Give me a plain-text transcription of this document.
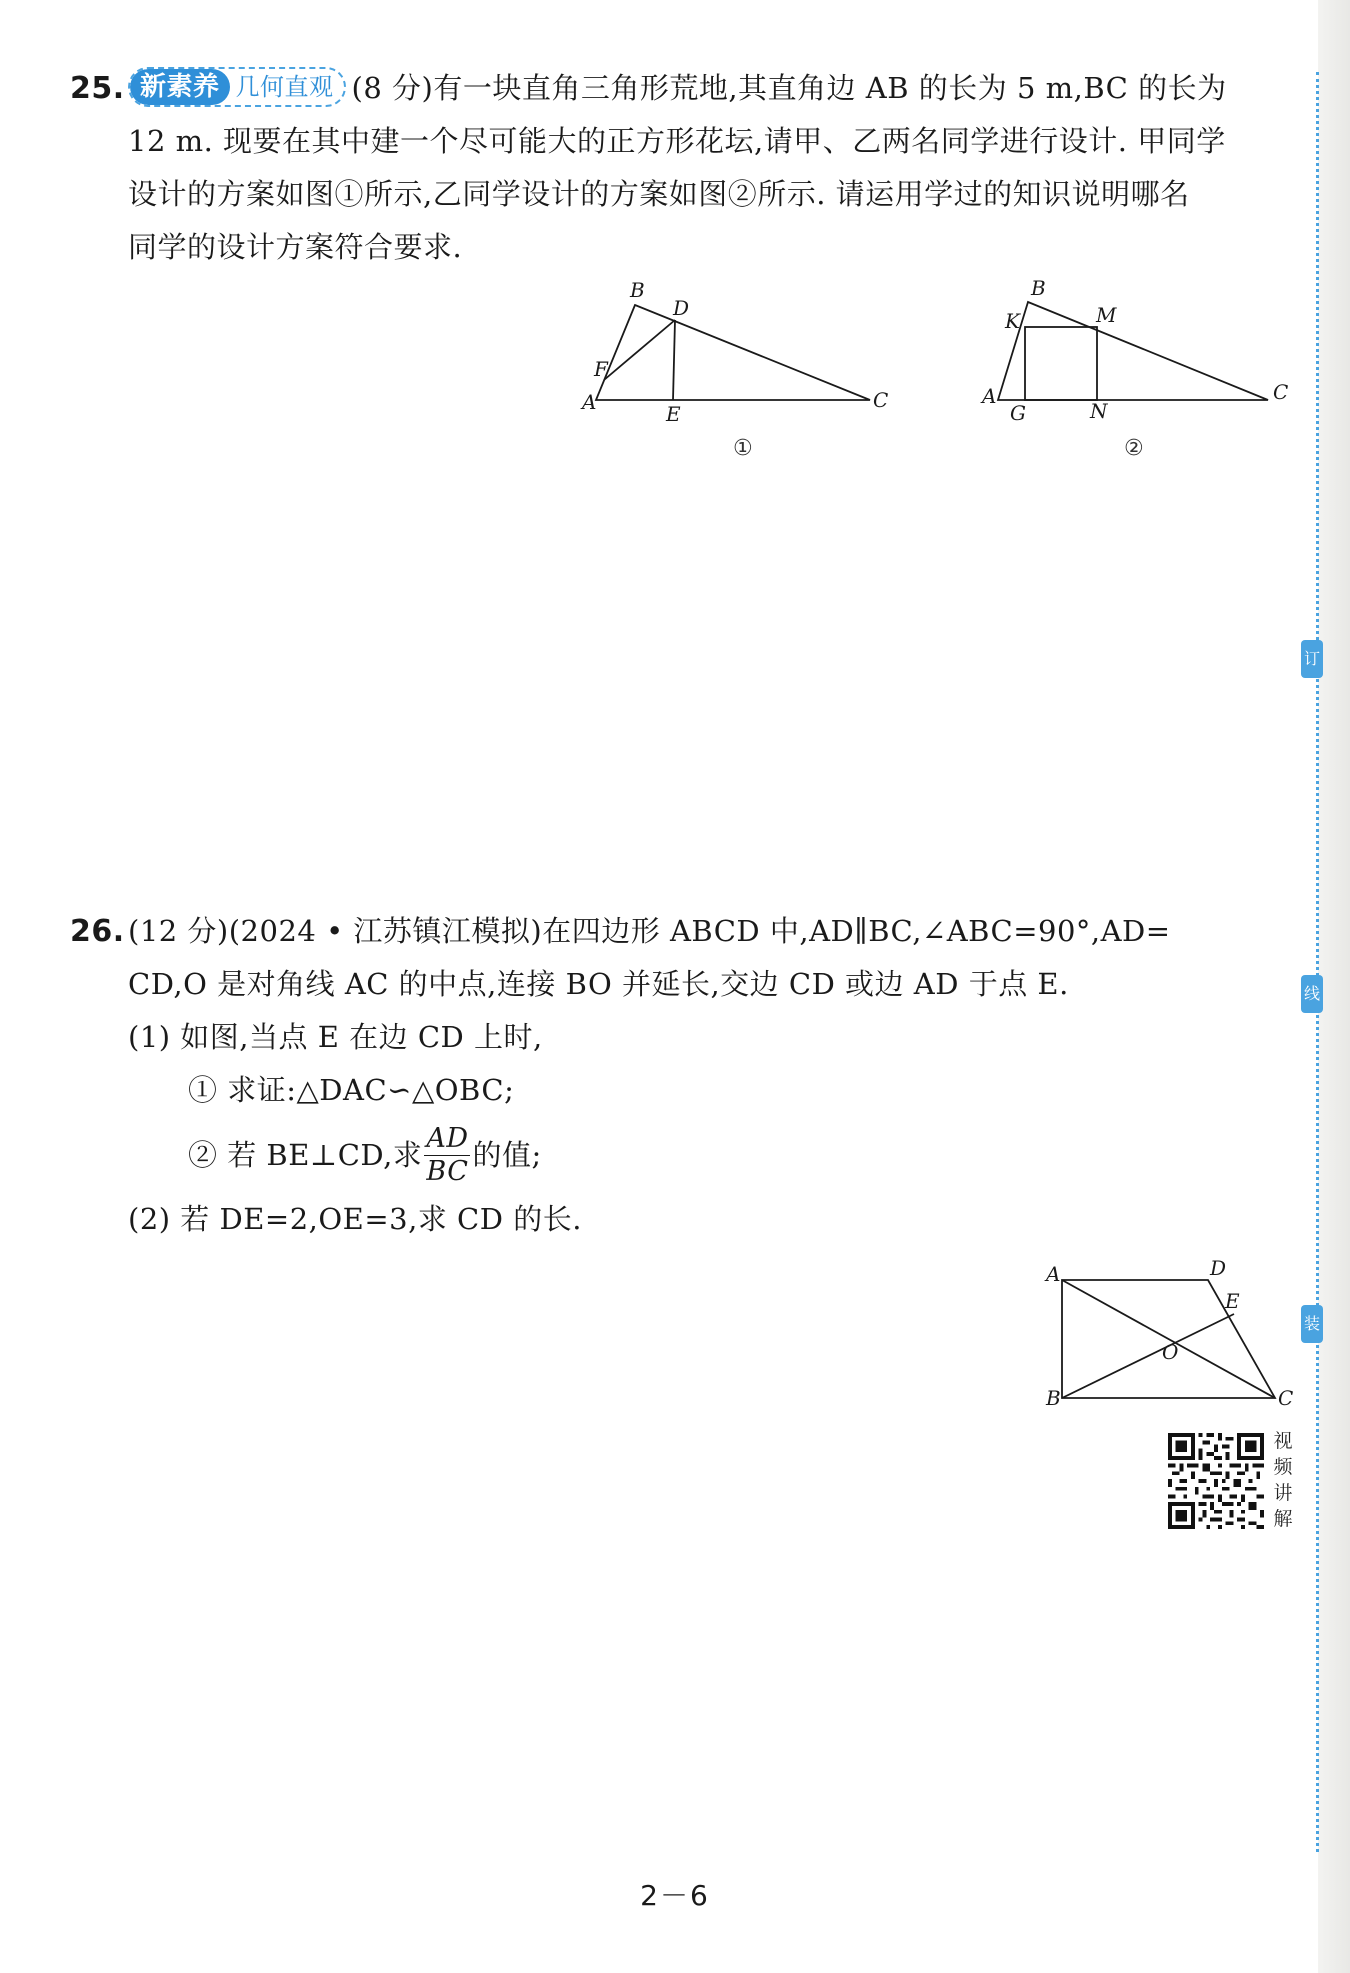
订
线
装
25. 新素养 几何直观 (8 分)有一块直角三角形荒地,其直角边 AB 的长为 5 m,BC 的长为
12 m. 现要在其中建一个尽可能大的正方形花坛,请甲、乙两名同学进行设计. 甲同学
设计的方案如图①所示,乙同学设计的方案如图②所示. 请运用学过的知识说明哪名
同学的设计方案符合要求.
B
D
F
A	E
C
①
B
K	M
A
G	N
C
②
26. (12 分)(2024 • 江苏镇江模拟)在四边形 ABCD 中,AD∥BC,∠ABC=90°,AD=
CD,O 是对角线 AC 的中点,连接 BO 并延长,交边 CD 或边 AD 于点 E.
(1) 如图,当点 E 在边 CD 上时,
① 求证:△DAC∽△OBC;
② 若 BE⊥CD,求 $\frac{AD}{BC}$ 的值;
(2) 若 DE=2,OE=3,求 CD 的长.
A	D
E
O
B	C
视
频
讲
解
2－6
